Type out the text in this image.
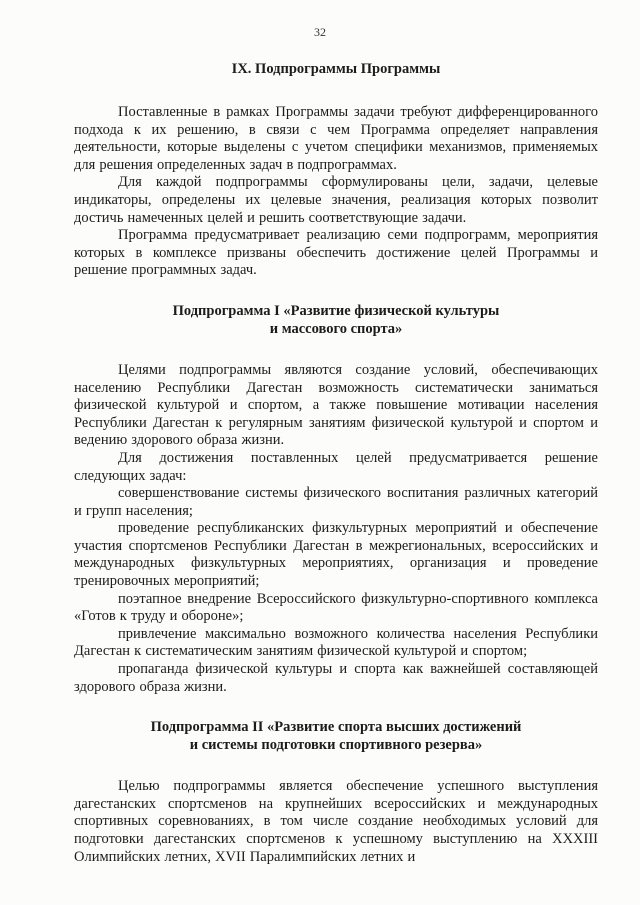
32
IX. Подпрограммы Программы

Поставленные в рамках Программы задачи требуют дифференцированного подхода к их решению, в связи с чем Программа определяет направления деятельности, которые выделены с учетом специфики механизмов, применяемых для решения определенных задач в подпрограммах.

Для каждой подпрограммы сформулированы цели, задачи, целевые индикаторы, определены их целевые значения, реализация которых позволит достичь намеченных целей и решить соответствующие задачи.

Программа предусматривает реализацию семи подпрограмм, мероприятия которых в комплексе призваны обеспечить достижение целей Программы и решение программных задач.

Подпрограмма I «Развитие физической культуры
и массового спорта»

Целями подпрограммы являются создание условий, обеспечивающих населению Республики Дагестан возможность систематически заниматься физической культурой и спортом, а также повышение мотивации населения Республики Дагестан к регулярным занятиям физической культурой и спортом и ведению здорового образа жизни.

Для достижения поставленных целей предусматривается решение следующих задач:

совершенствование системы физического воспитания различных категорий и групп населения;

проведение республиканских физкультурных мероприятий и обеспечение участия спортсменов Республики Дагестан в межрегиональных, всероссийских и международных физкультурных мероприятиях, организация и проведение тренировочных мероприятий;

поэтапное внедрение Всероссийского физкультурно-спортивного комплекса «Готов к труду и обороне»;

привлечение максимально возможного количества населения Республики Дагестан к систематическим занятиям физической культурой и спортом;

пропаганда физической культуры и спорта как важнейшей составляющей здорового образа жизни.

Подпрограмма II «Развитие спорта высших достижений
и системы подготовки спортивного резерва»

Целью подпрограммы является обеспечение успешного выступления дагестанских спортсменов на крупнейших всероссийских и международных спортивных соревнованиях, в том числе создание необходимых условий для подготовки дагестанских спортсменов к успешному выступлению на XXXIII Олимпийских летних, XVII Паралимпийских летних и
